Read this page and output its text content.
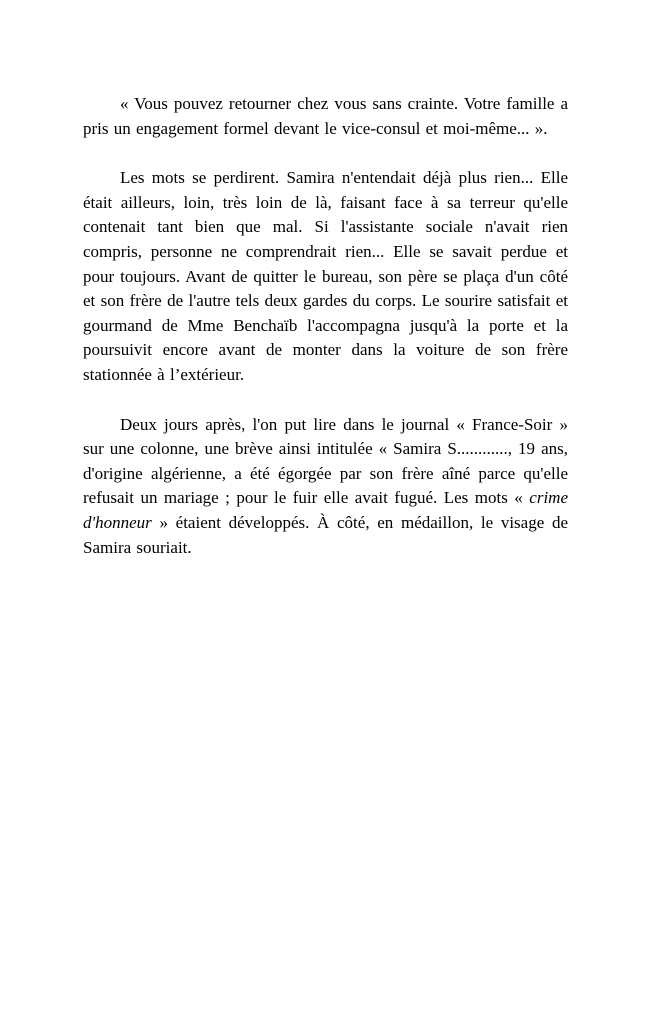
« Vous pouvez retourner chez vous sans crainte. Votre famille a pris un engagement formel devant le vice-consul et moi-même... ».

Les mots se perdirent. Samira n'entendait déjà plus rien... Elle était ailleurs, loin, très loin de là, faisant face à sa terreur qu'elle contenait tant bien que mal. Si l'assistante sociale n'avait rien compris, personne ne comprendrait rien... Elle se savait perdue et pour toujours. Avant de quitter le bureau, son père se plaça d'un côté et son frère de l'autre tels deux gardes du corps. Le sourire satisfait et gourmand de Mme Benchaïb l'accompagna jusqu'à la porte et la poursuivit encore avant de monter dans la voiture de son frère stationnée à l’extérieur.

Deux jours après, l'on put lire dans le journal « France-Soir » sur une colonne, une brève ainsi intitulée « Samira S............, 19 ans, d'origine algérienne, a été égorgée par son frère aîné parce qu'elle refusait un mariage ; pour le fuir elle avait fugué. Les mots « crime d'honneur » étaient développés. À côté, en médaillon, le visage de Samira souriait.
